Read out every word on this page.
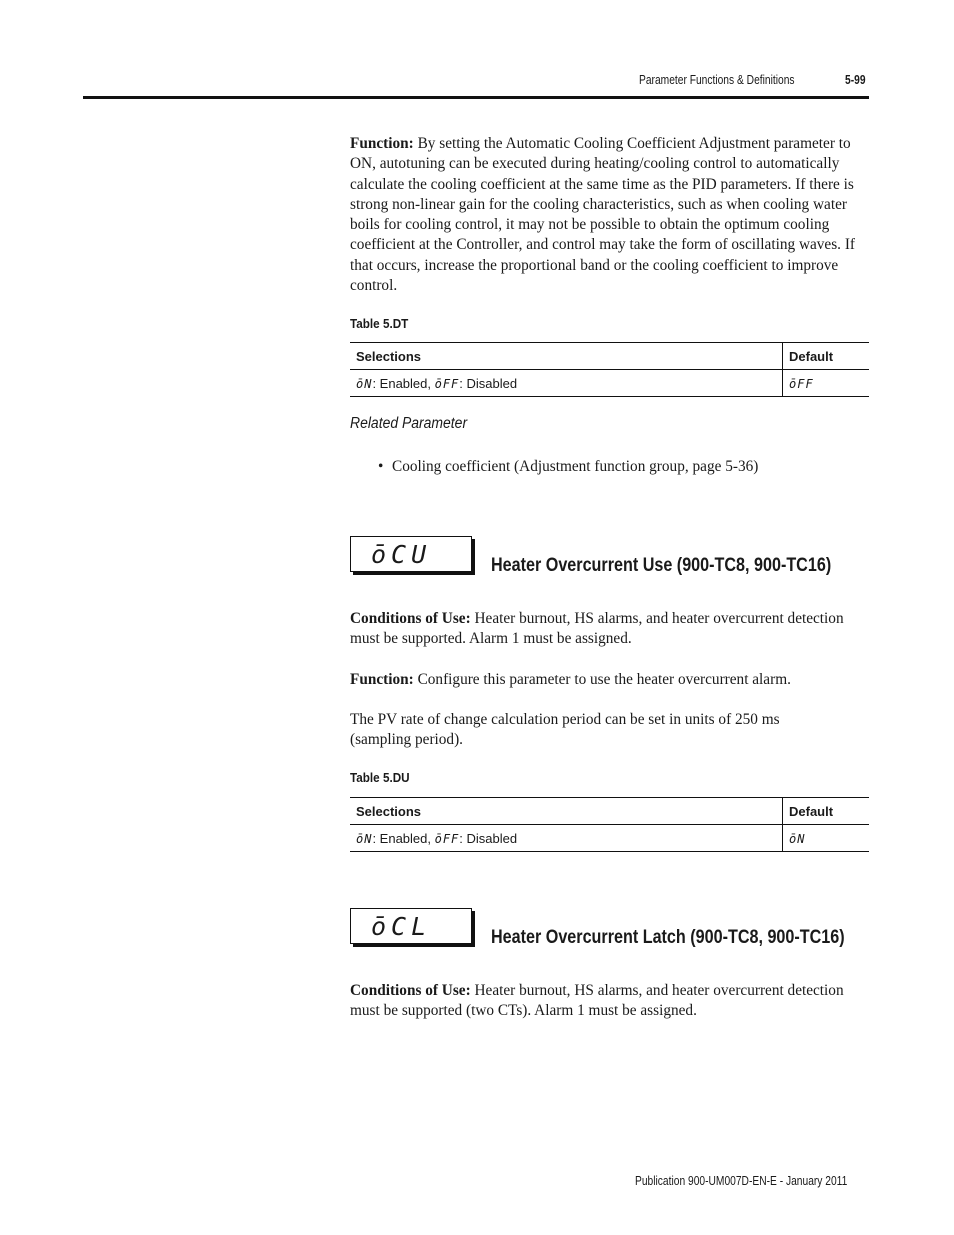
Parameter Functions & Definitions	5-99

Function: By setting the Automatic Cooling Coefficient Adjustment parameter to ON, autotuning can be executed during heating/cooling control to automatically calculate the cooling coefficient at the same time as the PID parameters. If there is strong non-linear gain for the cooling characteristics, such as when cooling water boils for cooling control, it may not be possible to obtain the optimum cooling coefficient at the Controller, and control may take the form of oscillating waves. If that occurs, increase the proportional band or the cooling coefficient to improve control.

Table 5.DT
Selections	Default
ōN: Enabled, ōFF: Disabled	ōFF
Related Parameter
• Cooling coefficient (Adjustment function group, page 5-36)
ōCU	Heater Overcurrent Use (900-TC8, 900-TC16)

Conditions of Use: Heater burnout, HS alarms, and heater overcurrent detection must be supported. Alarm 1 must be assigned.

Function: Configure this parameter to use the heater overcurrent alarm.

The PV rate of change calculation period can be set in units of 250 ms (sampling period).

Table 5.DU
Selections	Default
ōN: Enabled, ōFF: Disabled	ōN
ōCL	Heater Overcurrent Latch (900-TC8, 900-TC16)

Conditions of Use: Heater burnout, HS alarms, and heater overcurrent detection must be supported (two CTs). Alarm 1 must be assigned.

Publication 900-UM007D-EN-E - January 2011
